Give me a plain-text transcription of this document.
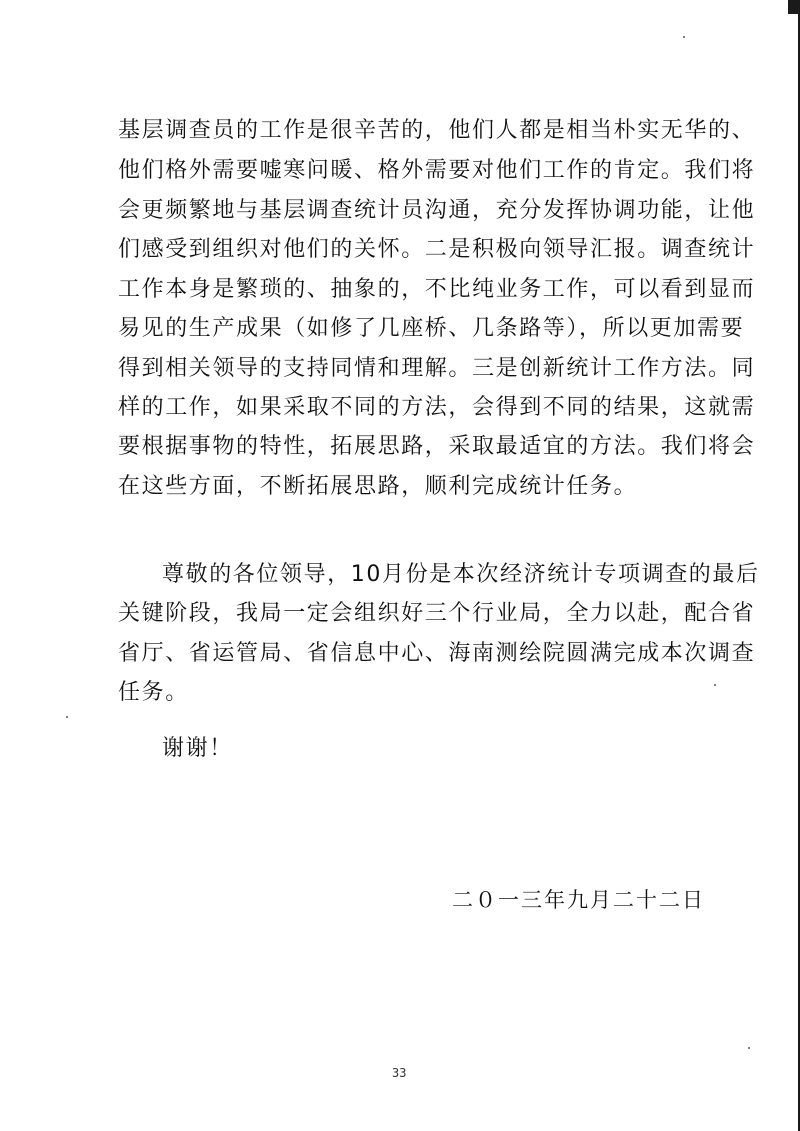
基层调查员的工作是很辛苦的，他们人都是相当朴实无华的、
他们格外需要嘘寒问暖、格外需要对他们工作的肯定。我们将
会更频繁地与基层调查统计员沟通，充分发挥协调功能，让他
们感受到组织对他们的关怀。二是积极向领导汇报。调查统计
工作本身是繁琐的、抽象的，不比纯业务工作，可以看到显而
易见的生产成果（如修了几座桥、几条路等），所以更加需要
得到相关领导的支持同情和理解。三是创新统计工作方法。同
样的工作，如果采取不同的方法，会得到不同的结果，这就需
要根据事物的特性，拓展思路，采取最适宜的方法。我们将会
在这些方面，不断拓展思路，顺利完成统计任务。
尊敬的各位领导，10月份是本次经济统计专项调查的最后
关键阶段，我局一定会组织好三个行业局，全力以赴，配合省
省厅、省运管局、省信息中心、海南测绘院圆满完成本次调查
任务。
谢谢！
二０一三年九月二十二日
33
